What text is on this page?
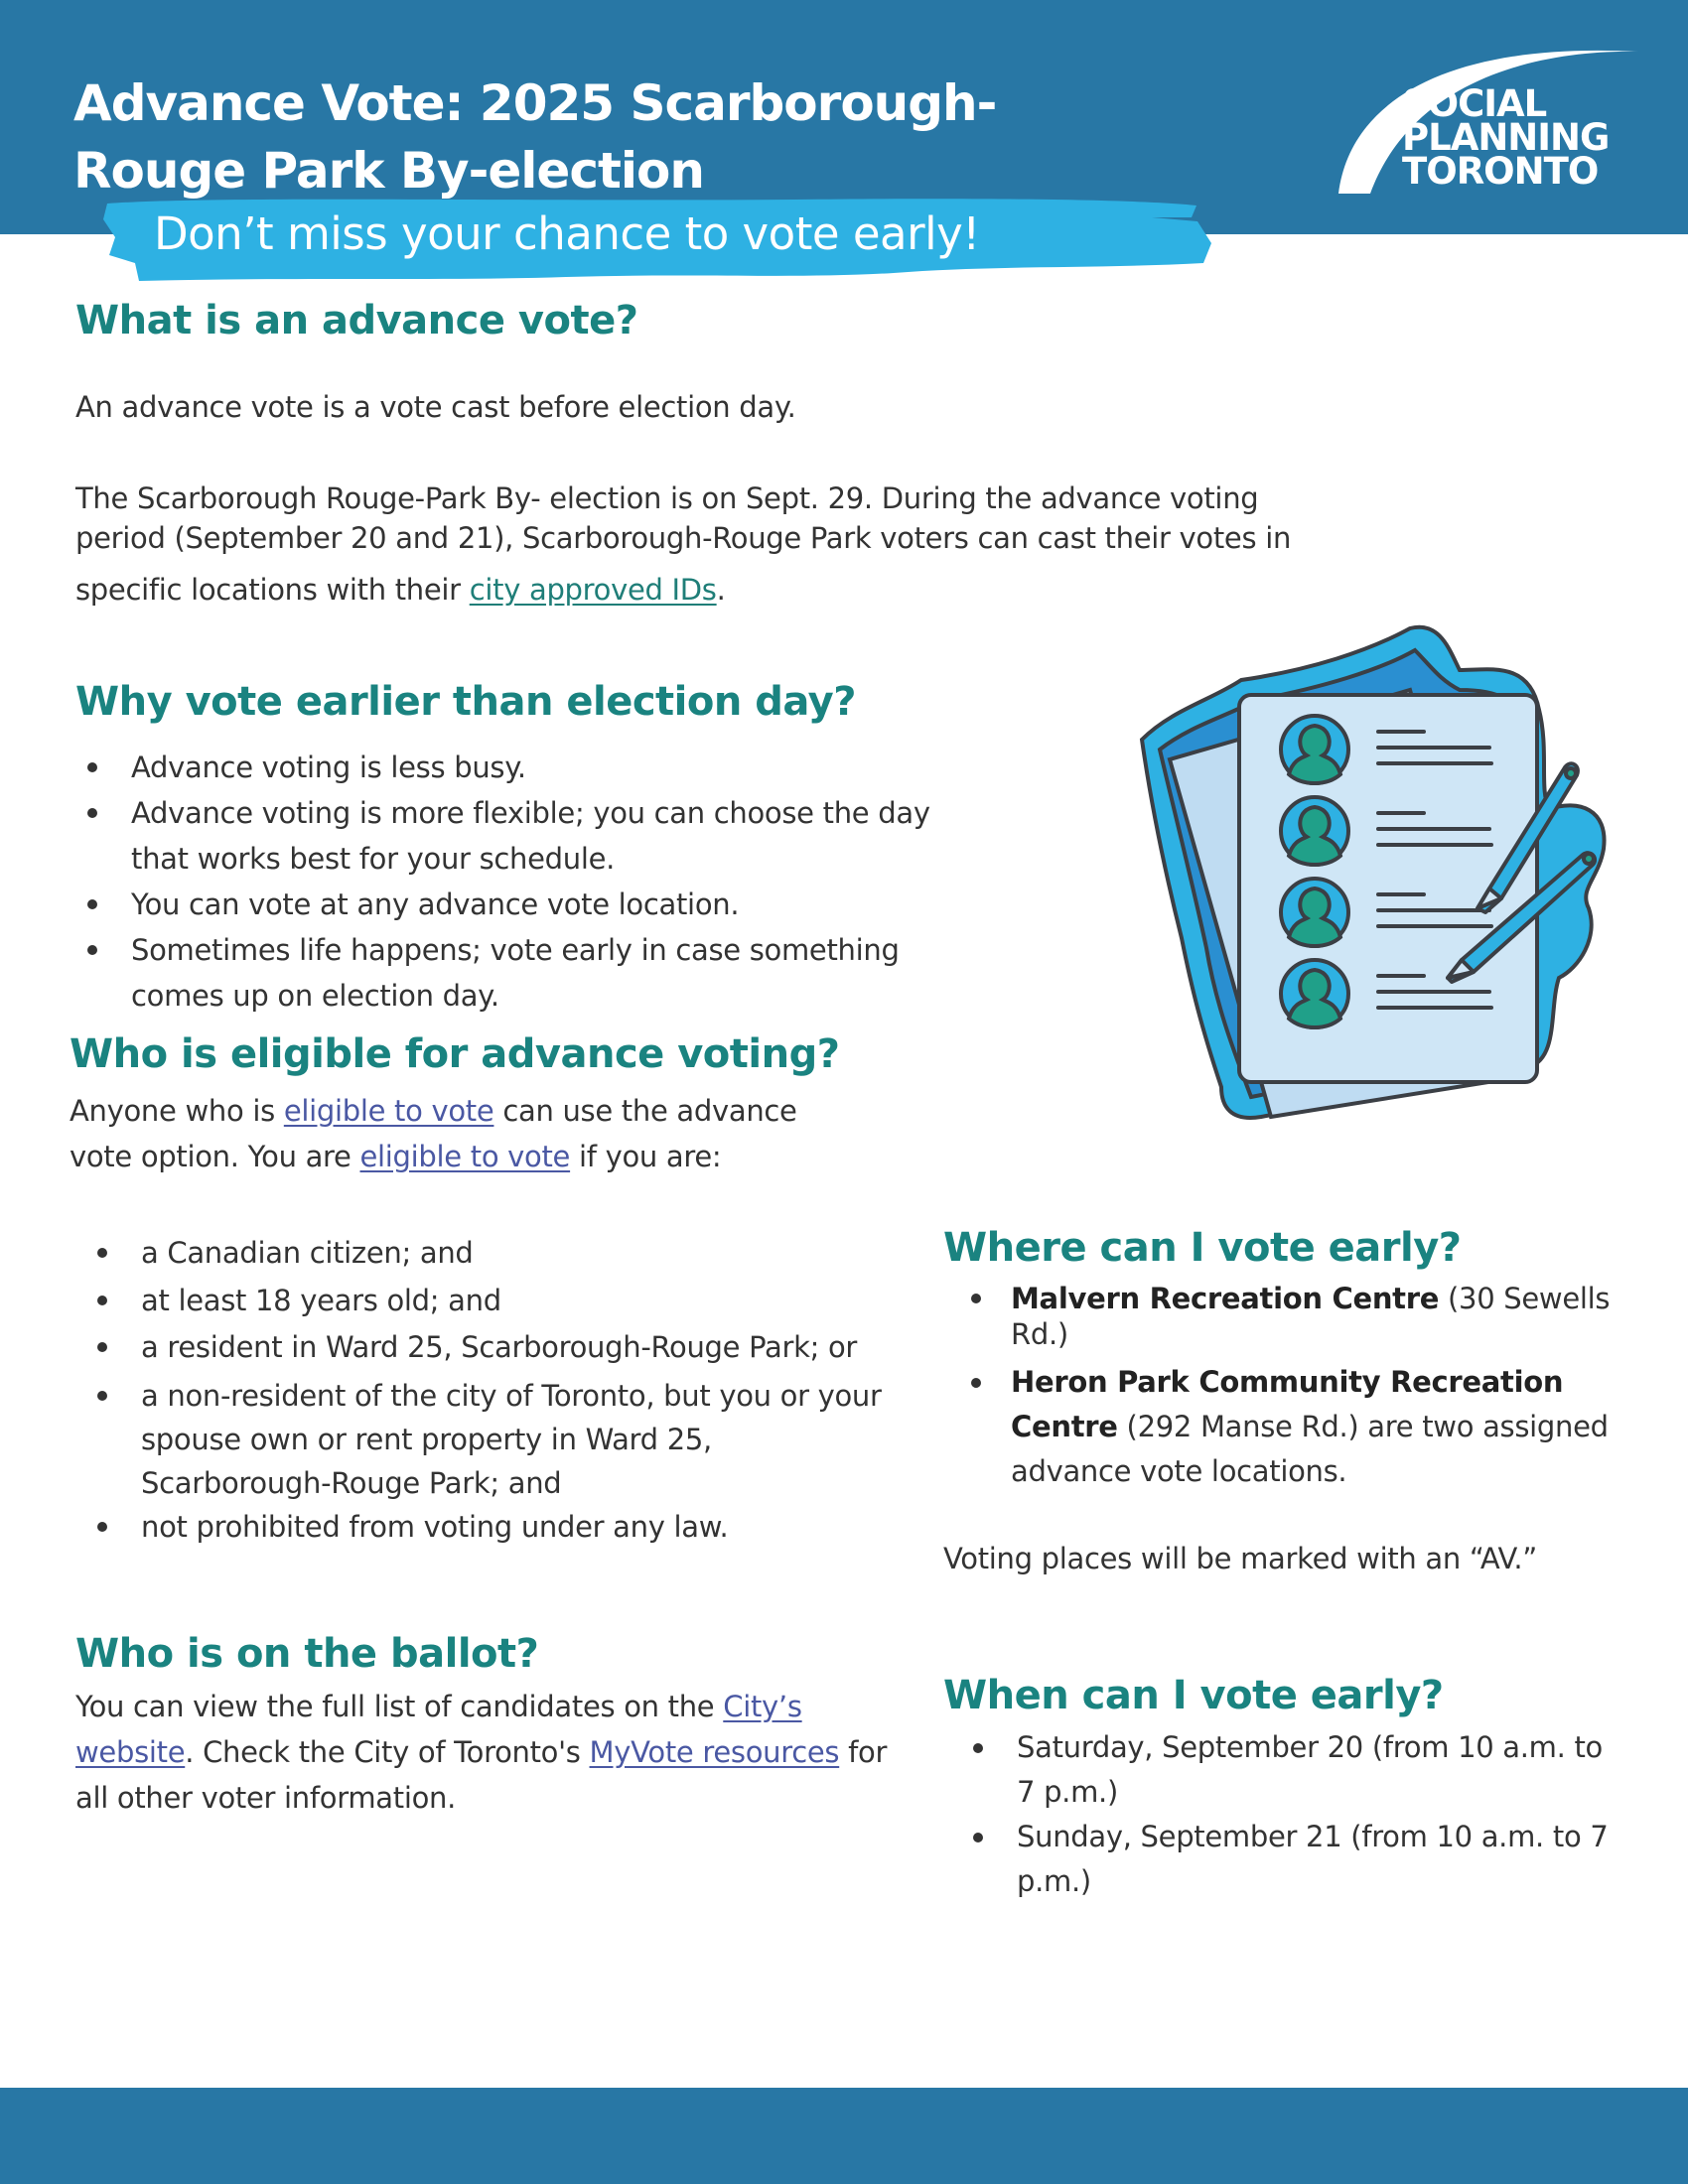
Advance Vote: 2025 Scarborough-
Rouge Park By-election
SOCIAL
PLANNING
TORONTO
Don’t miss your chance to vote early!
What is an advance vote?

An advance vote is a vote cast before election day.

The Scarborough Rouge-Park By- election is on Sept. 29. During the advance voting
period (September 20 and 21), Scarborough-Rouge Park voters can cast their votes in
specific locations with their city approved IDs.
Why vote earlier than election day?
Advance voting is less busy.
Advance voting is more flexible; you can choose the day that works best for your schedule.
You can vote at any advance vote location.
Sometimes life happens; vote early in case something comes up on election day.
Who is eligible for advance voting?

Anyone who is eligible to vote can use the advance vote option. You are eligible to vote if you are:

a Canadian citizen; and
at least 18 years old; and
a resident in Ward 25, Scarborough-Rouge Park; or
a non-resident of the city of Toronto, but you or your spouse own or rent property in Ward 25, Scarborough-Rouge Park; and
not prohibited from voting under any law.
Who is on the ballot?

You can view the full list of candidates on the City’s website. Check the City of Toronto's MyVote resources for all other voter information.

Where can I vote early?
Malvern Recreation Centre (30 Sewells Rd.)
Heron Park Community Recreation Centre (292 Manse Rd.) are two assigned advance vote locations.

Voting places will be marked with an “AV.”

When can I vote early?
Saturday, September 20 (from 10 a.m. to 7 p.m.)
Sunday, September 21 (from 10 a.m. to 7 p.m.)
